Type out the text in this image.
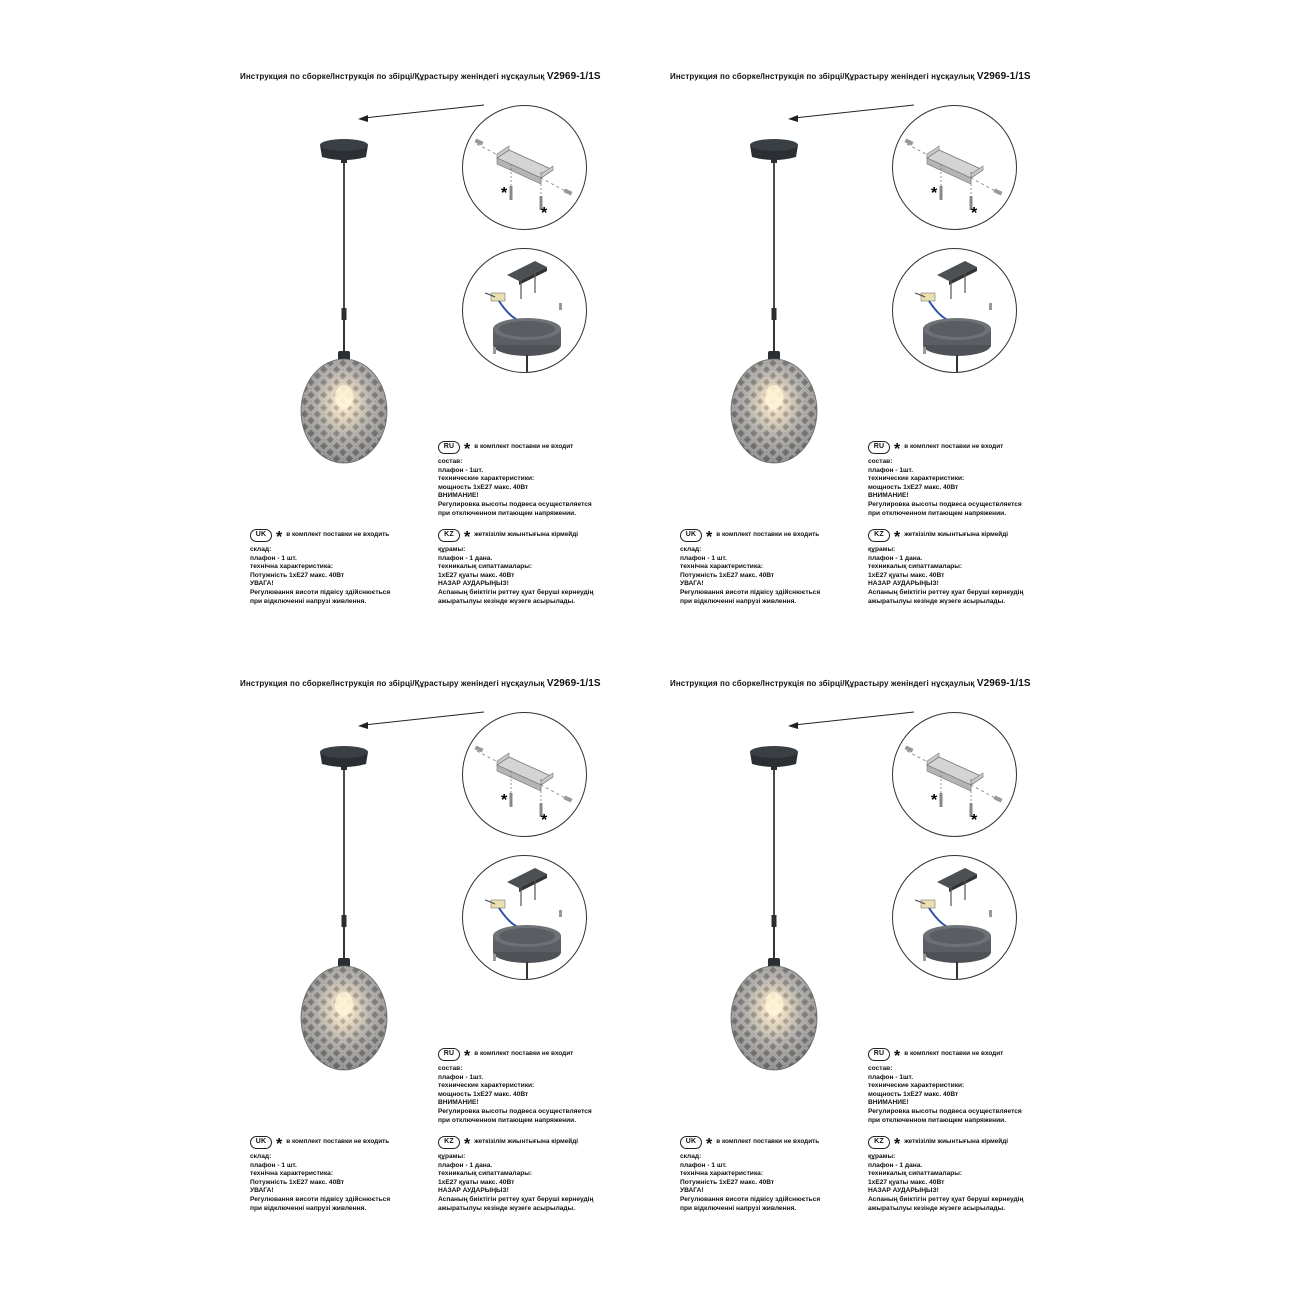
Инструкция по сборке/Інструкція по збірці/Құрастыру женіндегі нұсқаулық V2969-1/1S
*
*
RU * в комплект поставки не входит
состав:
плафон - 1шт.
технические характеристики:
мощность 1хЕ27 макс. 40Вт
ВНИМАНИЕ!
Регулировка высоты подвеса осуществляется
при отключенном питающем напряжении.
UK * в комплект поставки не входить
склад:
плафон - 1 шт.
технічна характеристика:
Потужність 1хЕ27 макс. 40Вт
УВАГА!
Регулювання висоти підвісу здійснюється
при відключенні напрузі живлення.
KZ * жеткізілім жиынтығына кірмейді
құрамы:
плафон - 1 дана.
техникалық сипаттамалары:
1хЕ27 қуаты макс. 40Вт
НАЗАР АУДАРЫҢЫЗ!
Аспаның биіктігін реттеу қуат беруші кернеудің
ажыратылуы кезінде жүзеге асырылады.
Инструкция по сборке/Інструкція по збірці/Құрастыру женіндегі нұсқаулық V2969-1/1S
*
*
RU * в комплект поставки не входит
состав:
плафон - 1шт.
технические характеристики:
мощность 1хЕ27 макс. 40Вт
ВНИМАНИЕ!
Регулировка высоты подвеса осуществляется
при отключенном питающем напряжении.
UK * в комплект поставки не входить
склад:
плафон - 1 шт.
технічна характеристика:
Потужність 1хЕ27 макс. 40Вт
УВАГА!
Регулювання висоти підвісу здійснюється
при відключенні напрузі живлення.
KZ * жеткізілім жиынтығына кірмейді
құрамы:
плафон - 1 дана.
техникалық сипаттамалары:
1хЕ27 қуаты макс. 40Вт
НАЗАР АУДАРЫҢЫЗ!
Аспаның биіктігін реттеу қуат беруші кернеудің
ажыратылуы кезінде жүзеге асырылады.
Инструкция по сборке/Інструкція по збірці/Құрастыру женіндегі нұсқаулық V2969-1/1S
*
*
RU * в комплект поставки не входит
состав:
плафон - 1шт.
технические характеристики:
мощность 1хЕ27 макс. 40Вт
ВНИМАНИЕ!
Регулировка высоты подвеса осуществляется
при отключенном питающем напряжении.
UK * в комплект поставки не входить
склад:
плафон - 1 шт.
технічна характеристика:
Потужність 1хЕ27 макс. 40Вт
УВАГА!
Регулювання висоти підвісу здійснюється
при відключенні напрузі живлення.
KZ * жеткізілім жиынтығына кірмейді
құрамы:
плафон - 1 дана.
техникалық сипаттамалары:
1хЕ27 қуаты макс. 40Вт
НАЗАР АУДАРЫҢЫЗ!
Аспаның биіктігін реттеу қуат беруші кернеудің
ажыратылуы кезінде жүзеге асырылады.
Инструкция по сборке/Інструкція по збірці/Құрастыру женіндегі нұсқаулық V2969-1/1S
*
*
RU * в комплект поставки не входит
состав:
плафон - 1шт.
технические характеристики:
мощность 1хЕ27 макс. 40Вт
ВНИМАНИЕ!
Регулировка высоты подвеса осуществляется
при отключенном питающем напряжении.
UK * в комплект поставки не входить
склад:
плафон - 1 шт.
технічна характеристика:
Потужність 1хЕ27 макс. 40Вт
УВАГА!
Регулювання висоти підвісу здійснюється
при відключенні напрузі живлення.
KZ * жеткізілім жиынтығына кірмейді
құрамы:
плафон - 1 дана.
техникалық сипаттамалары:
1хЕ27 қуаты макс. 40Вт
НАЗАР АУДАРЫҢЫЗ!
Аспаның биіктігін реттеу қуат беруші кернеудің
ажыратылуы кезінде жүзеге асырылады.
